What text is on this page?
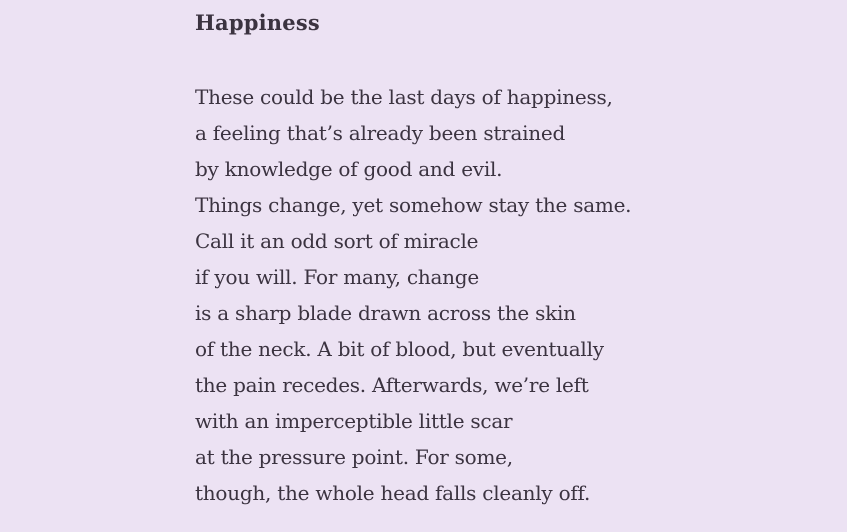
Happiness
These could be the last days of happiness,
a feeling that’s already been strained
by knowledge of good and evil.
Things change, yet somehow stay the same.
Call it an odd sort of miracle
if you will. For many, change
is a sharp blade drawn across the skin
of the neck. A bit of blood, but eventually
the pain recedes. Afterwards, we’re left
with an imperceptible little scar
at the pressure point. For some,
though, the whole head falls cleanly off.
